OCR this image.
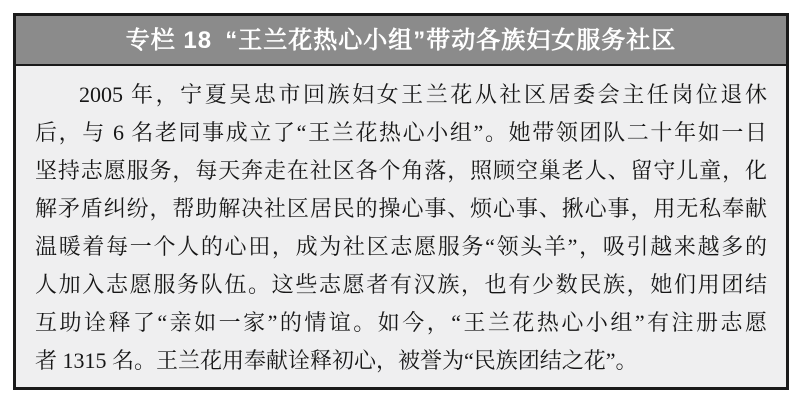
专栏 18 “王兰花热心小组”带动各族妇女服务社区
2005 年，宁夏吴忠市回族妇女王兰花从社区居委会主任岗位退休
后，与 6 名老同事成立了“王兰花热心小组”。她带领团队二十年如一日
坚持志愿服务，每天奔走在社区各个角落，照顾空巢老人、留守儿童，化
解矛盾纠纷，帮助解决社区居民的操心事、烦心事、揪心事，用无私奉献
温暖着每一个人的心田，成为社区志愿服务“领头羊”，吸引越来越多的
人加入志愿服务队伍。这些志愿者有汉族，也有少数民族，她们用团结
互助诠释了“亲如一家”的情谊。如今，“王兰花热心小组”有注册志愿
者 1315 名。王兰花用奉献诠释初心，被誉为“民族团结之花”。
